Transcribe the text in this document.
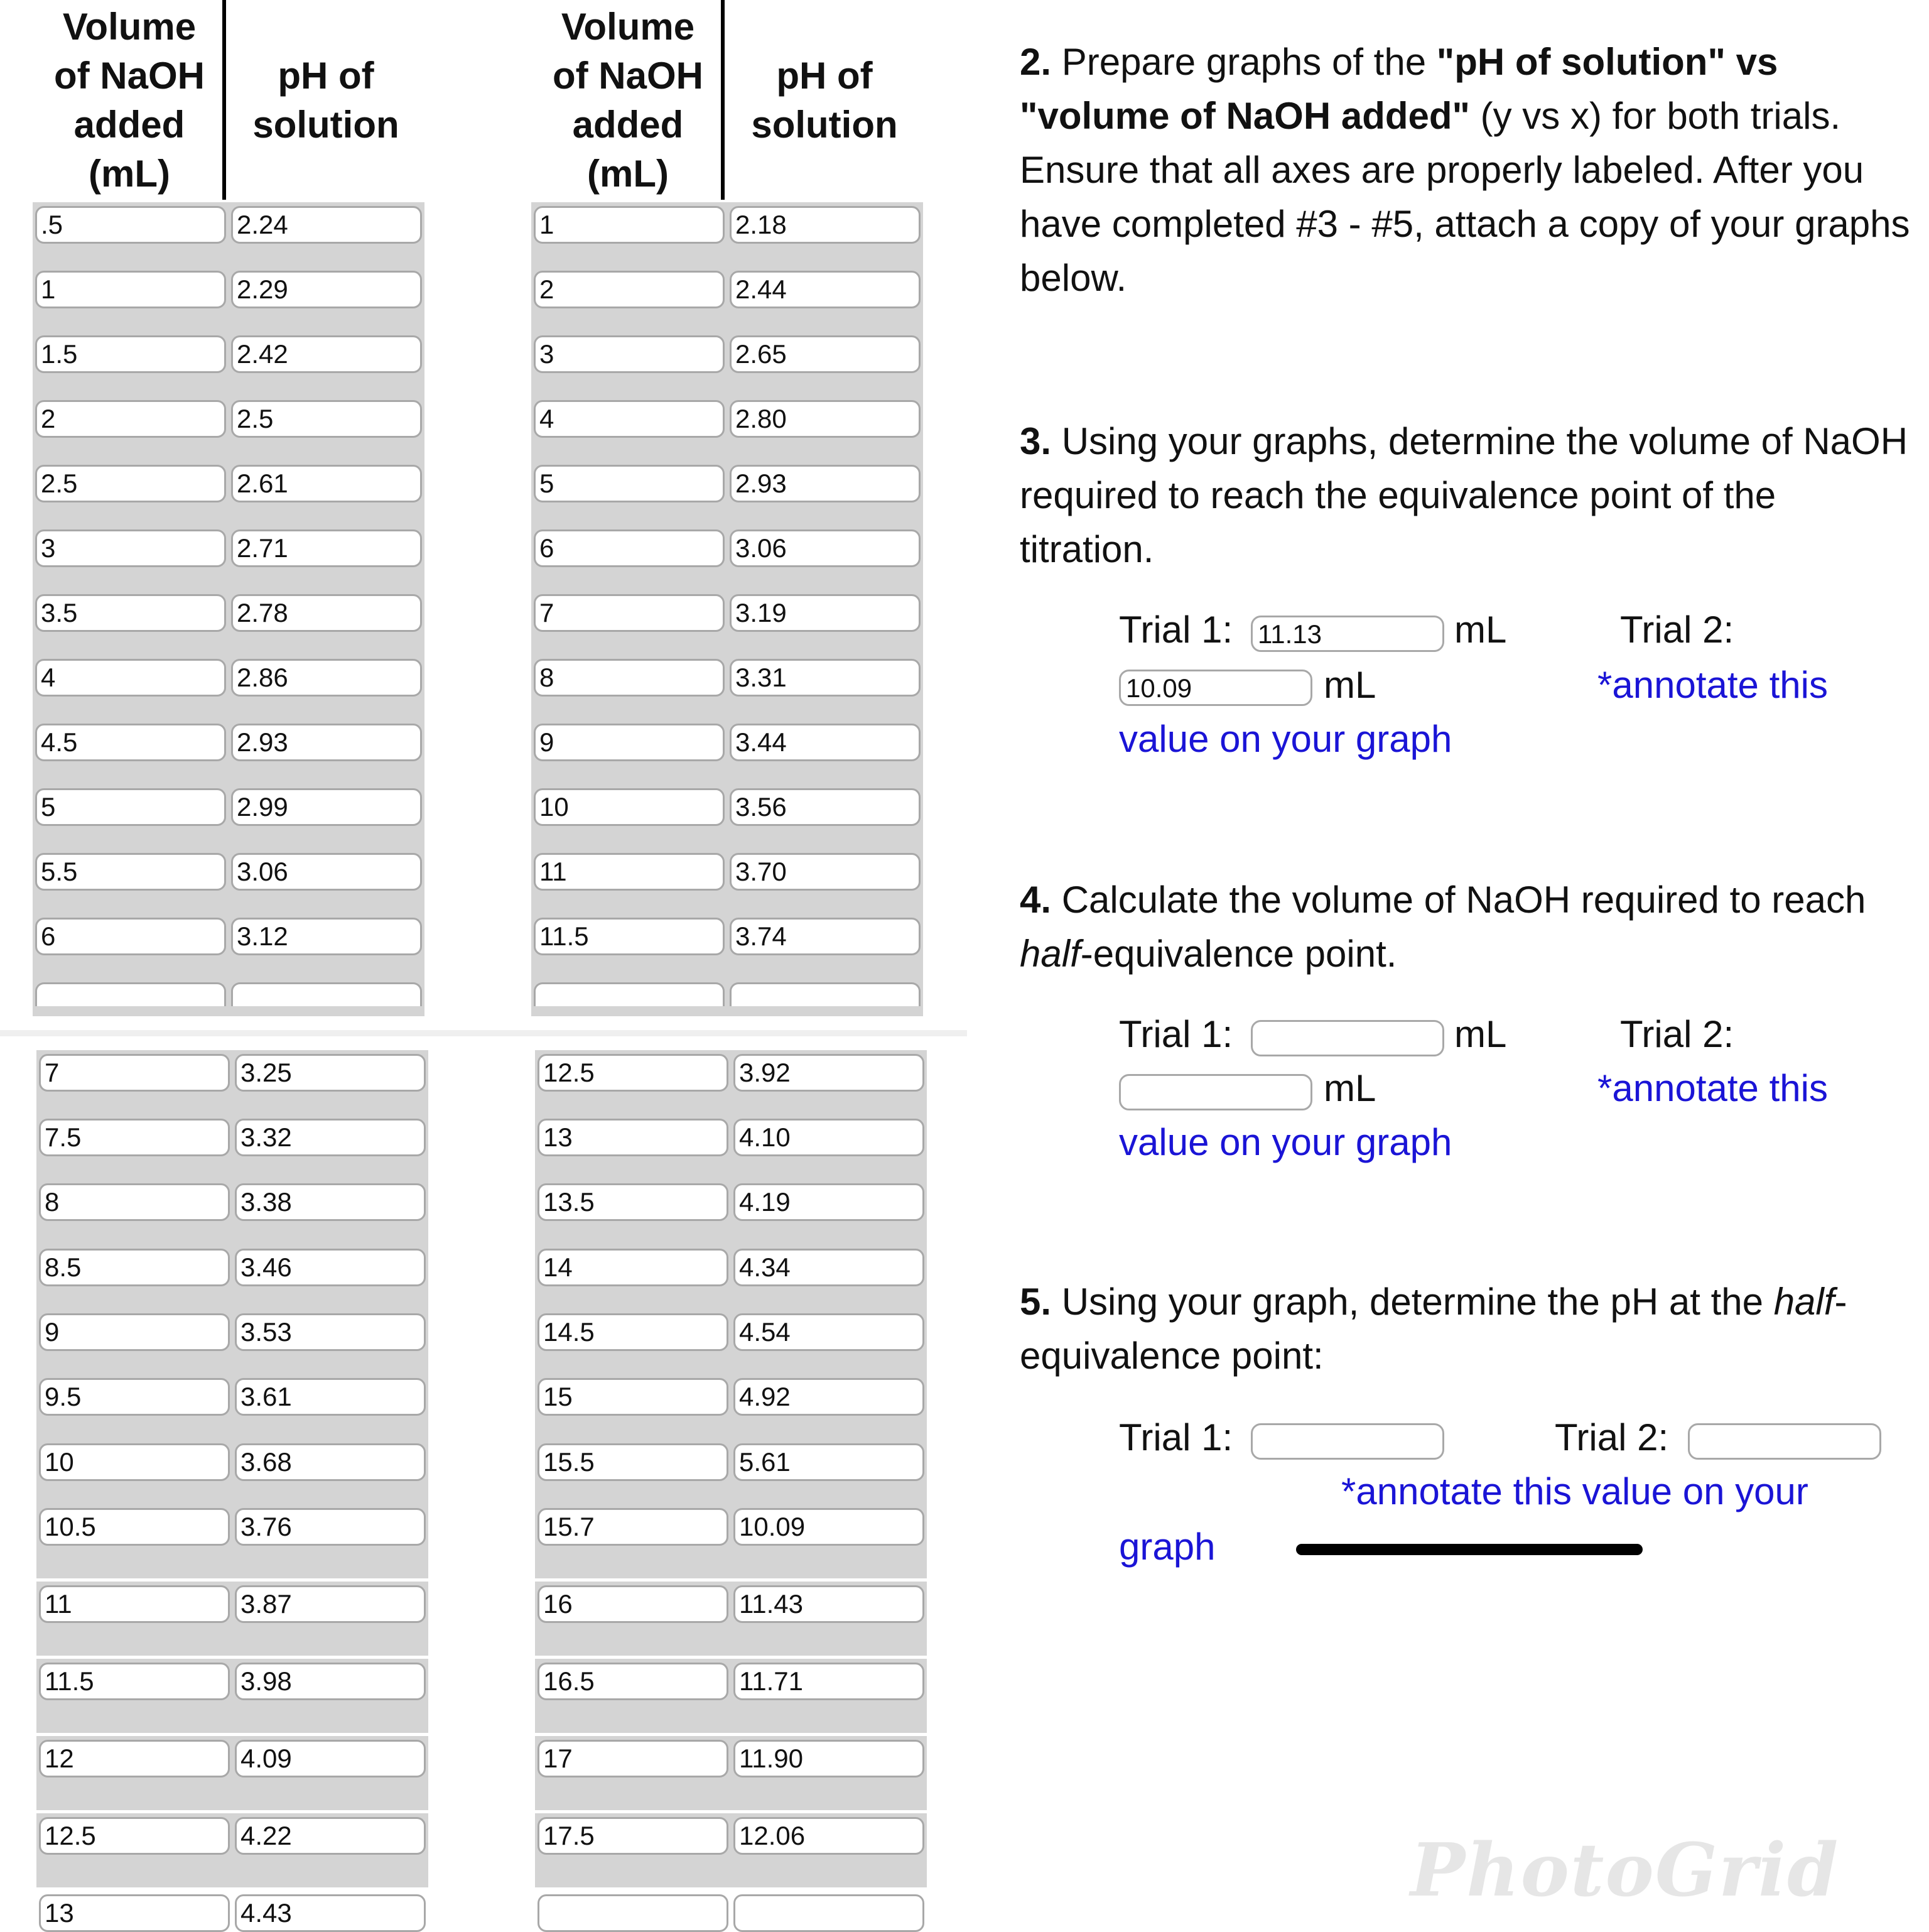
Volume
of NaOH
added
(mL)

pH of
solution

.5	2.24
1	2.29
1.5	2.42
2	2.5
2.5	2.61
3	2.71
3.5	2.78
4	2.86
4.5	2.93
5	2.99
5.5	3.06
6	3.12
7	3.25
7.5	3.32
8	3.38
8.5	3.46
9	3.53
9.5	3.61
10	3.68
10.5	3.76
11	3.87
11.5	3.98
12	4.09
12.5	4.22
13	4.43
Volume
of NaOH
added
(mL)

pH of
solution

1	2.18
2	2.44
3	2.65
4	2.80
5	2.93
6	3.06
7	3.19
8	3.31
9	3.44
10	3.56
11	3.70
11.5	3.74
12.5	3.92
13	4.10
13.5	4.19
14	4.34
14.5	4.54
15	4.92
15.5	5.61
15.7	10.09
16	11.43
16.5	11.71
17	11.90
17.5	12.06
2. Prepare graphs of the "pH of solution" vs "volume of NaOH added" (y vs x) for both trials. Ensure that all axes are properly labeled. After you have completed #3 - #5, attach a copy of your graphs below.
3. Using your graphs, determine the volume of NaOH required to reach the equivalence point of the titration.
Trial 1: 11.13	mL	Trial 2:
10.09	mL	*annotate this
value on your graph
4. Calculate the volume of NaOH required to reach half-equivalence point.
Trial 1:	mL	Trial 2:
mL	*annotate this
value on your graph
5. Using your graph, determine the pH at the half-equivalence point:
Trial 1:	Trial 2:
*annotate this value on your
graph
PhotoGrid
